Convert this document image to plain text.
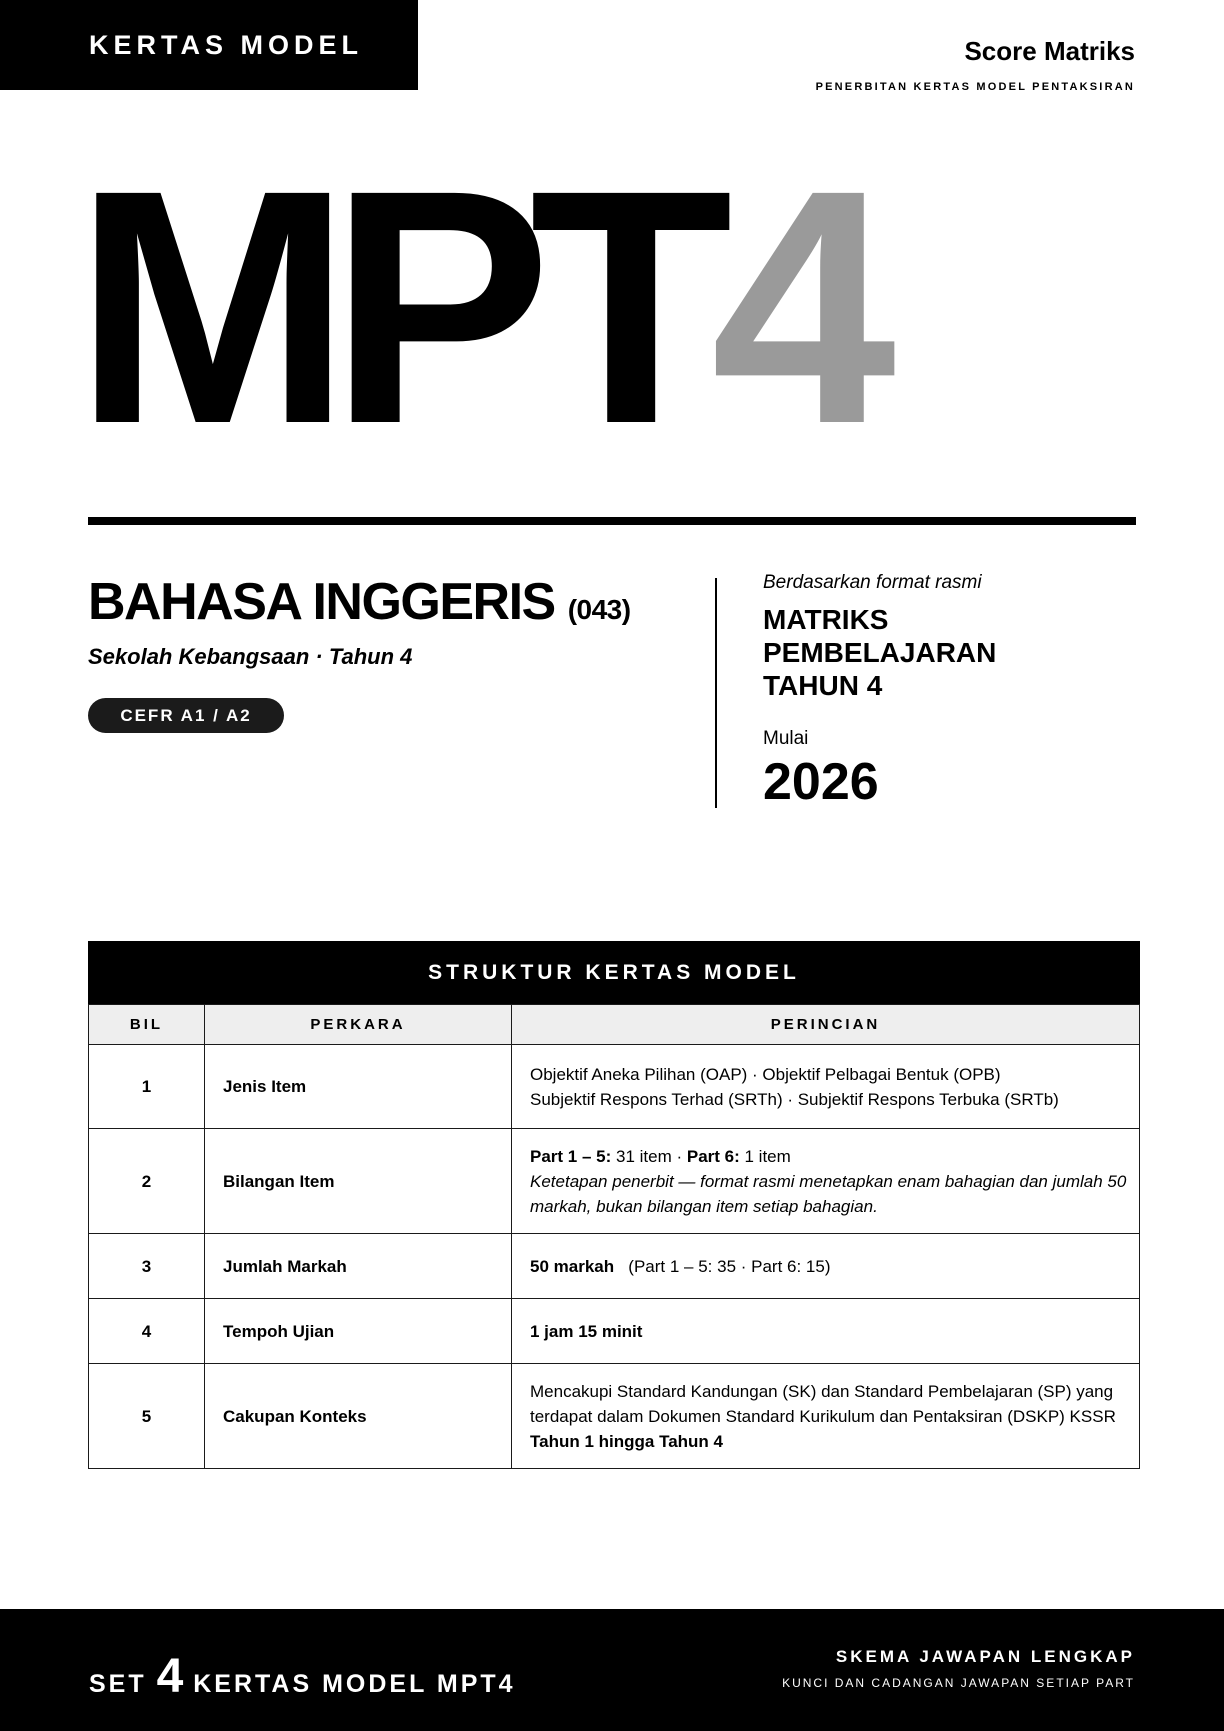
KERTAS MODEL	Score Matriks
PENERBITAN KERTAS MODEL PENTAKSIRAN
MPT4
BAHASA INGGERIS (043)
Sekolah Kebangsaan · Tahun 4
CEFR A1 / A2
Berdasarkan format rasmi
MATRIKS
PEMBELAJARAN
TAHUN 4
Mulai
2026
STRUKTUR KERTAS MODEL
BIL	PERKARA	PERINCIAN
1	Jenis Item	Objektif Aneka Pilihan (OAP) · Objektif Pelbagai Bentuk (OPB)
Subjektif Respons Terhad (SRTh) · Subjektif Respons Terbuka (SRTb)

2	Bilangan Item	Part 1 – 5: 31 item · Part 6: 1 item
Ketetapan penerbit — format rasmi menetapkan enam bahagian dan jumlah 50 markah, bukan bilangan item setiap bahagian.

3	Jumlah Markah	50 markah (Part 1 – 5: 35 · Part 6: 15)
4	Tempoh Ujian	1 jam 15 minit
5	Cakupan Konteks	Mencakupi Standard Kandungan (SK) dan Standard Pembelajaran (SP) yang terdapat dalam Dokumen Standard Kurikulum dan Pentaksiran (DSKP) KSSR
Tahun 1 hingga Tahun 4
SET 4 KERTAS MODEL MPT4
SKEMA JAWAPAN LENGKAP
KUNCI DAN CADANGAN JAWAPAN SETIAP PART
